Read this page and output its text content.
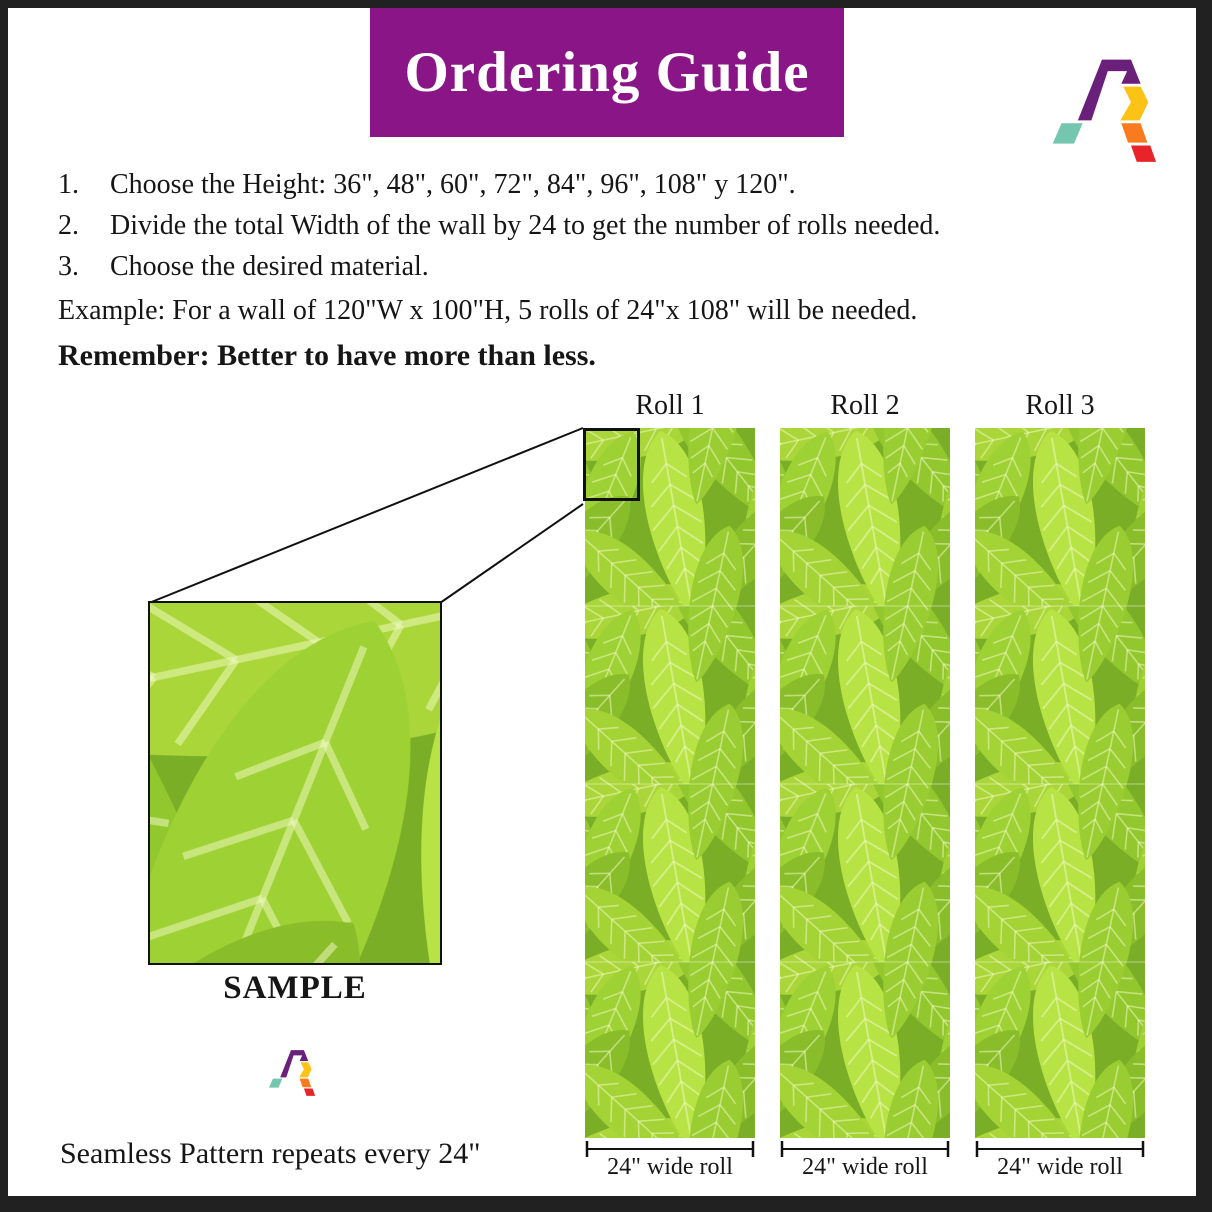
Ordering Guide
1.	Choose the Height: 36", 48", 60", 72", 84", 96", 108" y 120".
2.	Divide the total Width of the wall by 24 to get the number of rolls needed.
3.	Choose the desired material.
Example: For a wall of 120"W x 100"H, 5 rolls of 24"x 108" will be needed.
Remember: Better to have more than less.
Roll 1
24" wide roll
Roll 2
24" wide roll
Roll 3
24" wide roll
SAMPLE
Seamless Pattern repeats every 24"
